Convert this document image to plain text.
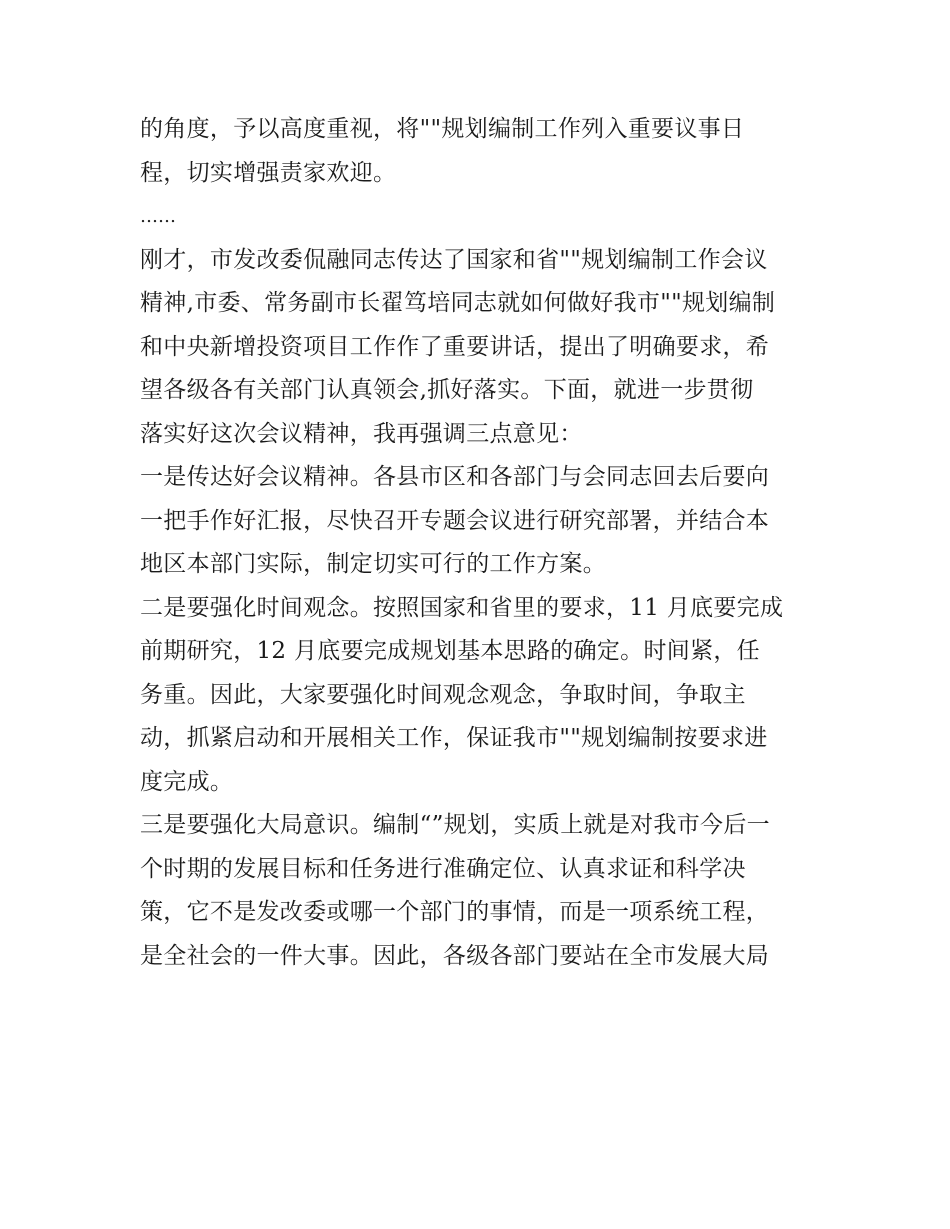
的角度，予以高度重视，将""规划编制工作列入重要议事日
程，切实增强责家欢迎。
……
刚才，市发改委侃融同志传达了国家和省""规划编制工作会议
精神,市委、常务副市长翟笃培同志就如何做好我市""规划编制
和中央新增投资项目工作作了重要讲话，提出了明确要求，希
望各级各有关部门认真领会,抓好落实。下面，就进一步贯彻
落实好这次会议精神，我再强调三点意见：
一是传达好会议精神。各县市区和各部门与会同志回去后要向
一把手作好汇报，尽快召开专题会议进行研究部署，并结合本
地区本部门实际，制定切实可行的工作方案。
二是要强化时间观念。按照国家和省里的要求，11 月底要完成
前期研究，12 月底要完成规划基本思路的确定。时间紧，任
务重。因此，大家要强化时间观念观念，争取时间，争取主
动，抓紧启动和开展相关工作，保证我市""规划编制按要求进
度完成。
三是要强化大局意识。编制“”规划，实质上就是对我市今后一
个时期的发展目标和任务进行准确定位、认真求证和科学决
策，它不是发改委或哪一个部门的事情，而是一项系统工程，
是全社会的一件大事。因此，各级各部门要站在全市发展大局
